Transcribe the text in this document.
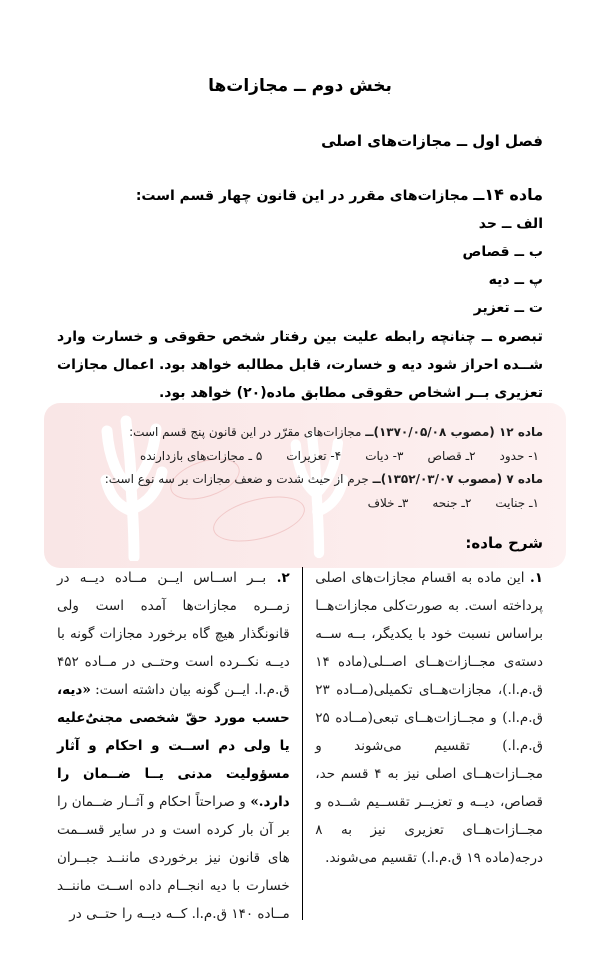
بخش دوم ــ مجازات‌ها
فصل اول ــ مجازات‌های اصلی

ماده ۱۴ــ مجازات‌های مقرر در این قانون چهار قسم است:

الف ــ حد
ب ــ قصاص
پ ــ دیه
ت ــ تعزیر

تبصره ــ چنانچه رابطه علیت بین رفتار شخص حقوقی و خسارت وارد شــده احراز شود دیه و خسارت، قابل مطالبه خواهد بود. اعمال مجازات تعزیری بــر اشخاص حقوقی مطابق ماده(۲۰) خواهد بود.

ماده ۱۲ (مصوب ۱۳۷۰/۰۵/۰۸)ــ مجازات‌های مقرّر در این قانون پنج قسم است:

۱- حدود۲ـ قصاص۳- دیات۴- تعزیرات۵ ـ مجازات‌های بازدارنده

ماده ۷ (مصوب ۱۳۵۲/۰۳/۰۷)ــ جرم از حیث شدت و ضعف مجازات بر سه نوع است:

۱ـ جنایت۲ـ جنحه۳ـ خلاف

شرح ماده:

۱. این ماده به اقسام مجازات‌های اصلی پرداخته است. به صورت‌کلی مجازات‌هــا براساس نسبت خود با یکدیگر، بــه ســه دسته‌ی مجــازات‌هــای اصــلی(ماده ۱۴ ق.م.ا.)، مجازات‌هــای تکمیلی(مــاده ۲۳ ق.م.ا.) و مجــازات‌هــای تبعی(مــاده ۲۵ ق.م.ا.) تقسیم می‌شوند و مجــازات‌هــای اصلی نیز به ۴ قسم حد، قصاص، دیــه و تعزیــر تقســیم شــده و مجــازات‌هــای تعزیری نیز به ۸ درجه(ماده ۱۹ ق.م.ا.) تقسیم می‌شوند.

۲. بــر اســاس ایــن مــاده دیــه در زمــره مجازات‌ها آمده است ولی قانونگذار هیچ گاه برخورد مجازات گونه با دیــه نکــرده است وحتــی در مــاده ۴۵۲ ق.م.ا. ایــن گونه بیان داشته است: «دیه، حسب مورد حقّ شخصی مجنیٌ‌علیه یا ولی دم اســت و احکام و آثار مسؤولیت مدنی یــا ضــمان را دارد.» و صراحتاً احکام و آثــار ضــمان را بر آن بار کرده است و در سایر قســمت های قانون نیز برخوردی ماننــد جبــران خسارت با دیه انجــام داده اســت ماننــد مــاده ۱۴۰ ق.م.ا. کــه دیــه را حتــی در
